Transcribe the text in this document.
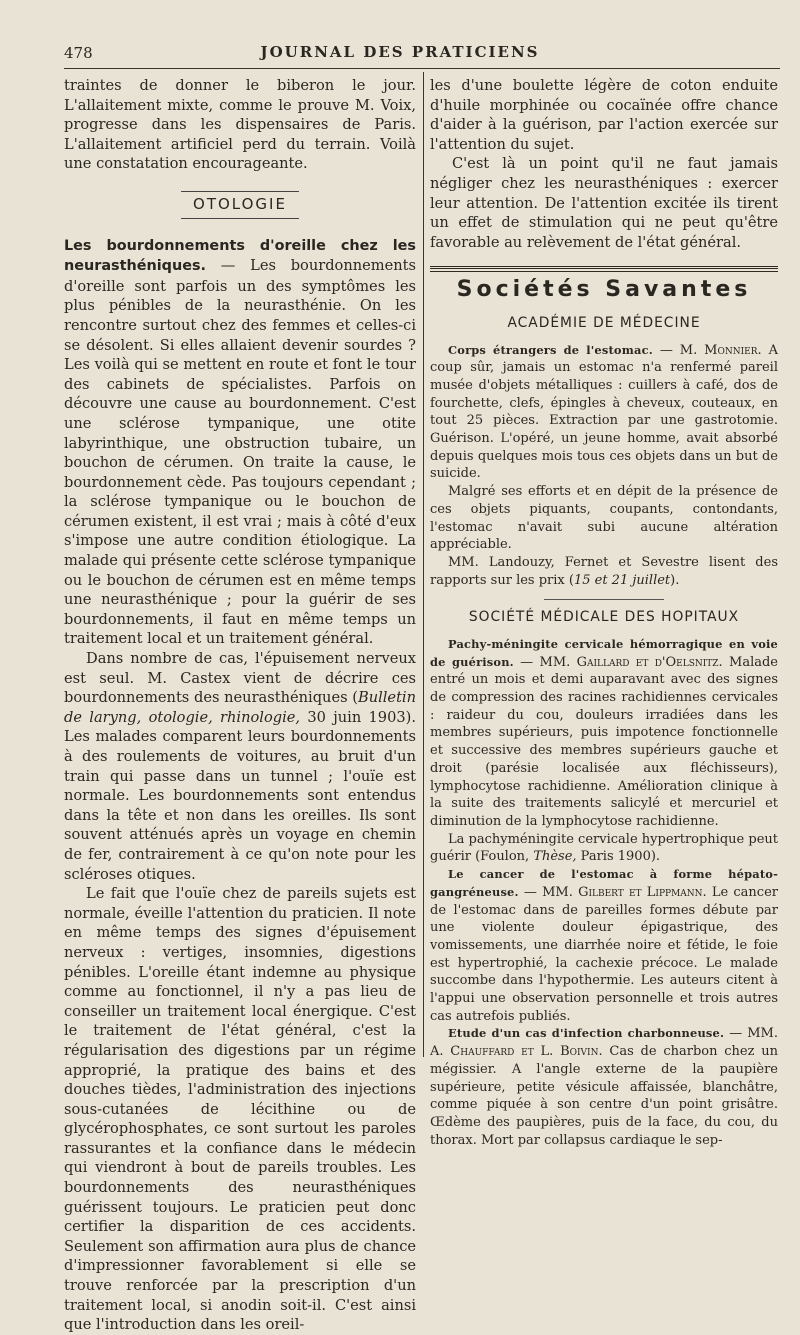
478	JOURNAL DES PRATICIENS

traintes de donner le biberon le jour. L'allaitement mixte, comme le prouve M. Voix, progresse dans les dispensaires de Paris. L'allaitement artificiel perd du terrain. Voilà une constatation encourageante.

OTOLOGIE

Les bourdonnements d'oreille chez les neurasthéniques. — Les bourdonnements d'oreille sont parfois un des symptômes les plus pénibles de la neurasthénie. On les rencontre surtout chez des femmes et celles-ci se désolent. Si elles allaient devenir sourdes ? Les voilà qui se mettent en route et font le tour des cabinets de spécialistes. Parfois on découvre une cause au bourdonnement. C'est une sclérose tympanique, une otite labyrinthique, une obstruction tubaire, un bouchon de cérumen. On traite la cause, le bourdonnement cède. Pas toujours cependant ; la sclérose tympanique ou le bouchon de cérumen existent, il est vrai ; mais à côté d'eux s'impose une autre condition étiologique. La malade qui présente cette sclérose tympanique ou le bouchon de cérumen est en même temps une neurasthénique ; pour la guérir de ses bourdonnements, il faut en même temps un traitement local et un traitement général.

Dans nombre de cas, l'épuisement nerveux est seul. M. Castex vient de décrire ces bourdonnements des neurasthéniques (Bulletin de laryng, otologie, rhinologie, 30 juin 1903). Les malades comparent leurs bourdonnements à des roulements de voitures, au bruit d'un train qui passe dans un tunnel ; l'ouïe est normale. Les bourdonnements sont entendus dans la tête et non dans les oreilles. Ils sont souvent atténués après un voyage en chemin de fer, contrairement à ce qu'on note pour les scléroses otiques.

Le fait que l'ouïe chez de pareils sujets est normale, éveille l'attention du praticien. Il note en même temps des signes d'épuisement nerveux : vertiges, insomnies, digestions pénibles. L'oreille étant indemne au physique comme au fonctionnel, il n'y a pas lieu de conseiller un traitement local énergique. C'est le traitement de l'état général, c'est la régularisation des digestions par un régime approprié, la pratique des bains et des douches tièdes, l'administration des injections sous-cutanées de lécithine ou de glycérophosphates, ce sont surtout les paroles rassurantes et la confiance dans le médecin qui viendront à bout de pareils troubles. Les bourdonnements des neurasthéniques guérissent toujours. Le praticien peut donc certifier la disparition de ces accidents. Seulement son affirmation aura plus de chance d'impressionner favorablement si elle se trouve renforcée par la prescription d'un traitement local, si anodin soit-il. C'est ainsi que l'introduction dans les oreil-

les d'une boulette légère de coton enduite d'huile morphinée ou cocaïnée offre chance d'aider à la guérison, par l'action exercée sur l'attention du sujet.

C'est là un point qu'il ne faut jamais négliger chez les neurasthéniques : exercer leur attention. De l'attention excitée ils tirent un effet de stimulation qui ne peut qu'être favorable au relèvement de l'état général.

Sociétés Savantes
ACADÉMIE DE MÉDECINE

Corps étrangers de l'estomac. — M. Monnier. A coup sûr, jamais un estomac n'a renfermé pareil musée d'objets métalliques : cuillers à café, dos de fourchette, clefs, épingles à cheveux, couteaux, en tout 25 pièces. Extraction par une gastrotomie. Guérison. L'opéré, un jeune homme, avait absorbé depuis quelques mois tous ces objets dans un but de suicide.

Malgré ses efforts et en dépit de la présence de ces objets piquants, coupants, contondants, l'estomac n'avait subi aucune altération appréciable.

MM. Landouzy, Fernet et Sevestre lisent des rapports sur les prix (15 et 21 juillet).

SOCIÉTÉ MÉDICALE DES HOPITAUX

Pachy-méningite cervicale hémorragique en voie de guérison. — MM. Gaillard et d'Oelsnitz. Malade entré un mois et demi auparavant avec des signes de compression des racines rachidiennes cervicales : raideur du cou, douleurs irradiées dans les membres supérieurs, puis impotence fonctionnelle et successive des membres supérieurs gauche et droit (parésie localisée aux fléchisseurs), lymphocytose rachidienne. Amélioration clinique à la suite des traitements salicylé et mercuriel et diminution de la lymphocytose rachidienne.

La pachyméningite cervicale hypertrophique peut guérir (Foulon, Thèse, Paris 1900).

Le cancer de l'estomac à forme hépato-gangréneuse. — MM. Gilbert et Lippmann. Le cancer de l'estomac dans de pareilles formes débute par une violente douleur épigastrique, des vomissements, une diarrhée noire et fétide, le foie est hypertrophié, la cachexie précoce. Le malade succombe dans l'hypothermie. Les auteurs citent à l'appui une observation personnelle et trois autres cas autrefois publiés.

Etude d'un cas d'infection charbonneuse. — MM. A. Chauffard et L. Boivin. Cas de charbon chez un mégissier. A l'angle externe de la paupière supérieure, petite vésicule affaissée, blanchâtre, comme piquée à son centre d'un point grisâtre. Œdème des paupières, puis de la face, du cou, du thorax. Mort par collapsus cardiaque le sep-
